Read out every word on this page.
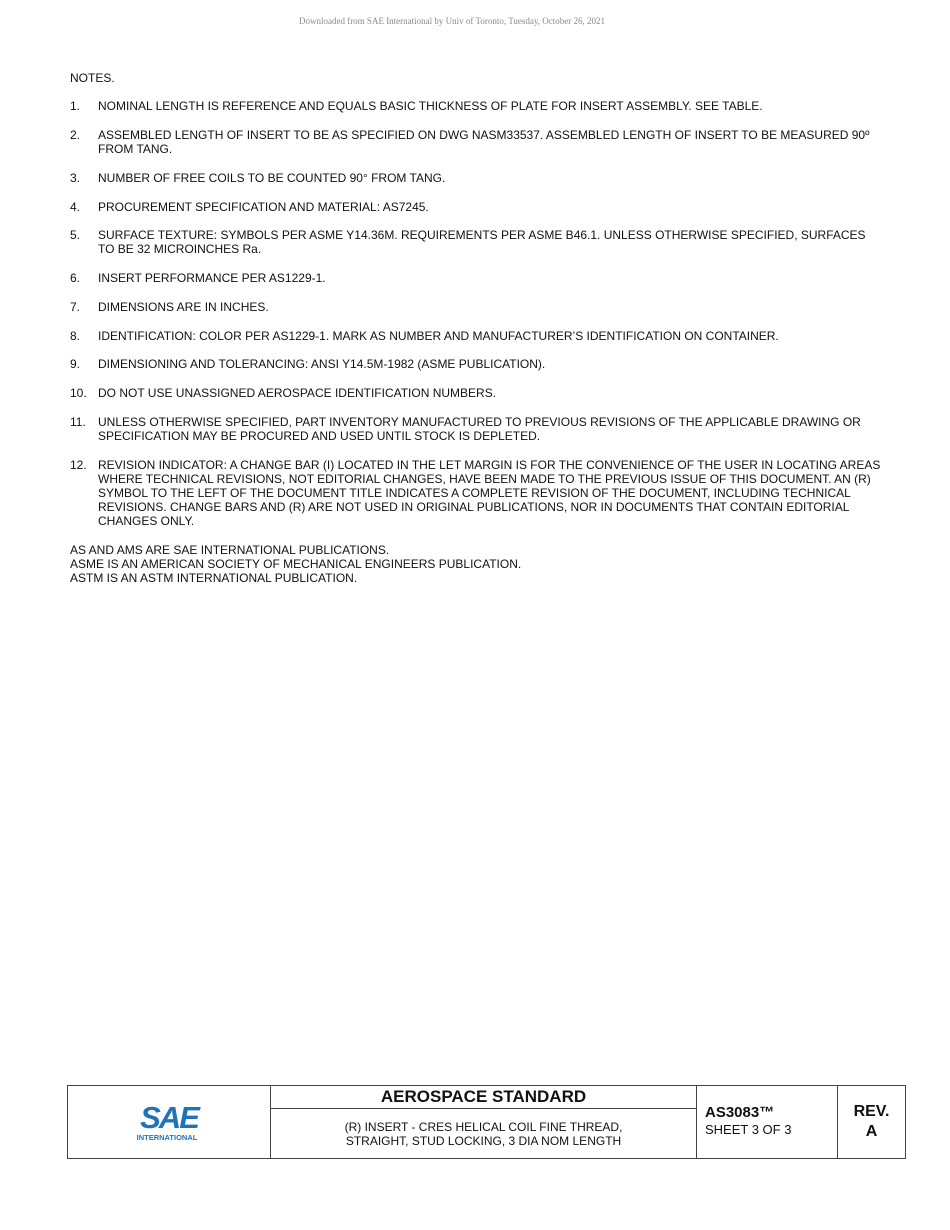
Downloaded from SAE International by Univ of Toronto, Tuesday, October 26, 2021
NOTES.
1.	NOMINAL LENGTH IS REFERENCE AND EQUALS BASIC THICKNESS OF PLATE FOR INSERT ASSEMBLY. SEE TABLE.
2.	ASSEMBLED LENGTH OF INSERT TO BE AS SPECIFIED ON DWG NASM33537. ASSEMBLED LENGTH OF INSERT TO BE MEASURED 90º FROM TANG.
3.	NUMBER OF FREE COILS TO BE COUNTED 90° FROM TANG.
4.	PROCUREMENT SPECIFICATION AND MATERIAL: AS7245.
5.	SURFACE TEXTURE: SYMBOLS PER ASME Y14.36M. REQUIREMENTS PER ASME B46.1. UNLESS OTHERWISE SPECIFIED, SURFACES TO BE 32 MICROINCHES Ra.
6.	INSERT PERFORMANCE PER AS1229-1.
7.	DIMENSIONS ARE IN INCHES.
8.	IDENTIFICATION: COLOR PER AS1229-1. MARK AS NUMBER AND MANUFACTURER’S IDENTIFICATION ON CONTAINER.
9.	DIMENSIONING AND TOLERANCING: ANSI Y14.5M-1982 (ASME PUBLICATION).
10. DO NOT USE UNASSIGNED AEROSPACE IDENTIFICATION NUMBERS.
11.	UNLESS OTHERWISE SPECIFIED, PART INVENTORY MANUFACTURED TO PREVIOUS REVISIONS OF THE APPLICABLE DRAWING OR SPECIFICATION MAY BE PROCURED AND USED UNTIL STOCK IS DEPLETED.
12. REVISION INDICATOR: A CHANGE BAR (I) LOCATED IN THE LET MARGIN IS FOR THE CONVENIENCE OF THE USER IN LOCATING AREAS WHERE TECHNICAL REVISIONS, NOT EDITORIAL CHANGES, HAVE BEEN MADE TO THE PREVIOUS ISSUE OF THIS DOCUMENT. AN (R) SYMBOL TO THE LEFT OF THE DOCUMENT TITLE INDICATES A COMPLETE REVISION OF THE DOCUMENT, INCLUDING TECHNICAL REVISIONS. CHANGE BARS AND (R) ARE NOT USED IN ORIGINAL PUBLICATIONS, NOR IN DOCUMENTS THAT CONTAIN EDITORIAL CHANGES ONLY.
AS AND AMS ARE SAE INTERNATIONAL PUBLICATIONS.
ASME IS AN AMERICAN SOCIETY OF MECHANICAL ENGINEERS PUBLICATION.
ASTM IS AN ASTM INTERNATIONAL PUBLICATION.
SAE
INTERNATIONAL
AEROSPACE STANDARD
(R) INSERT - CRES HELICAL COIL FINE THREAD,
STRAIGHT, STUD LOCKING, 3 DIA NOM LENGTH
AS3083™
SHEET 3 OF 3
REV.
A
